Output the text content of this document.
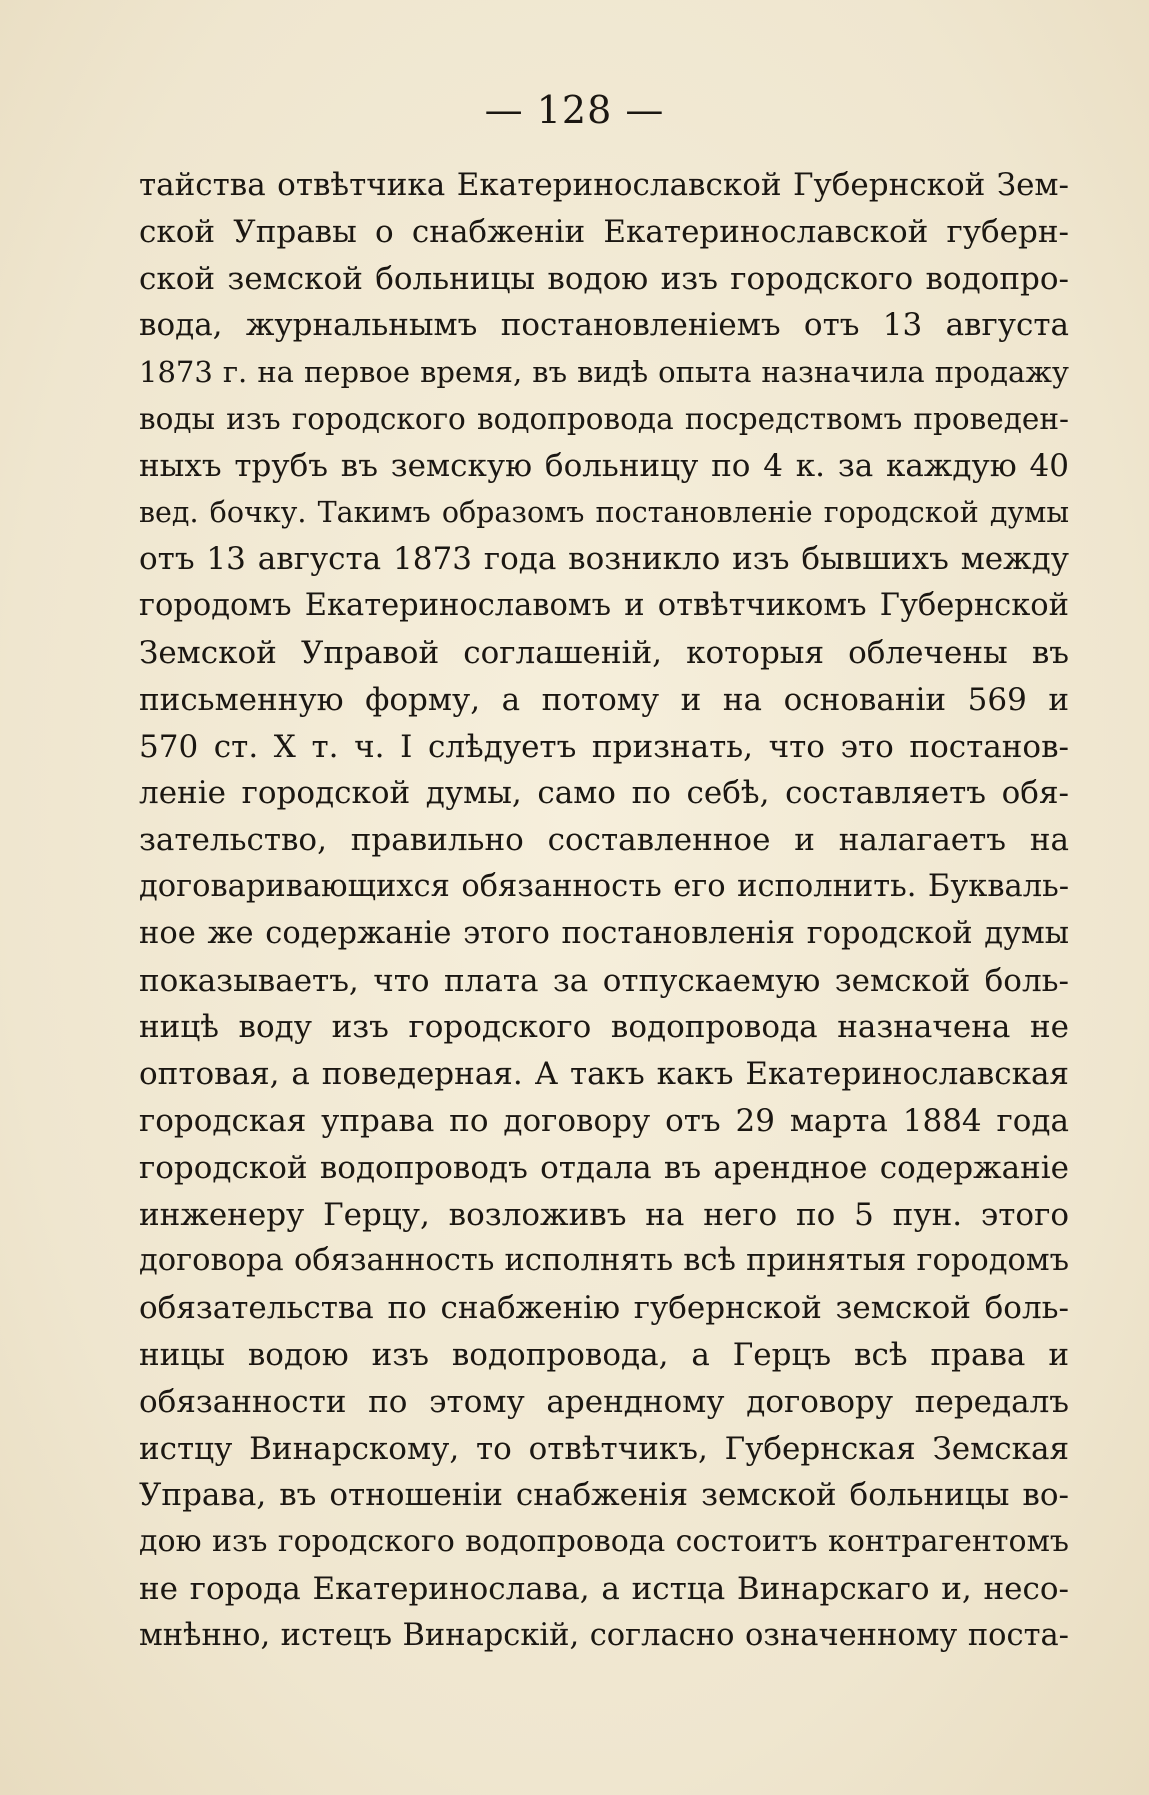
— 128 —
тайства отвѣтчика Екатеринославской Губернской Зем-
ской Управы о снабженіи Екатеринославской губерн-
ской земской больницы водою изъ городского водопро-
вода, журнальнымъ постановленіемъ отъ 13 августа
1873 г. на первое время, въ видѣ опыта назначила продажу
воды изъ городского водопровода посредствомъ проведен-
ныхъ трубъ въ земскую больницу по 4 к. за каждую 40
вед. бочку. Такимъ образомъ постановленіе городской думы
отъ 13 августа 1873 года возникло изъ бывшихъ между
городомъ Екатеринославомъ и отвѣтчикомъ Губернской
Земской Управой соглашеній, которыя облечены въ
письменную форму, а потому и на основаніи 569 и
570 ст. X т. ч. I слѣдуетъ признать, что это постанов-
леніе городской думы, само по себѣ, составляетъ обя-
зательство, правильно составленное и налагаетъ на
договаривающихся обязанность его исполнить. Букваль-
ное же содержаніе этого постановленія городской думы
показываетъ, что плата за отпускаемую земской боль-
ницѣ воду изъ городского водопровода назначена не
оптовая, а поведерная. А такъ какъ Екатеринославская
городская управа по договору отъ 29 марта 1884 года
городской водопроводъ отдала въ арендное содержаніе
инженеру Герцу, возложивъ на него по 5 пун. этого
договора обязанность исполнять всѣ принятыя городомъ
обязательства по снабженію губернской земской боль-
ницы водою изъ водопровода, а Герцъ всѣ права и
обязанности по этому арендному договору передалъ
истцу Винарскому, то отвѣтчикъ, Губернская Земская
Управа, въ отношеніи снабженія земской больницы во-
дою изъ городского водопровода состоитъ контрагентомъ
не города Екатеринослава, а истца Винарскаго и, несо-
мнѣнно, истецъ Винарскій, согласно означенному поста-
